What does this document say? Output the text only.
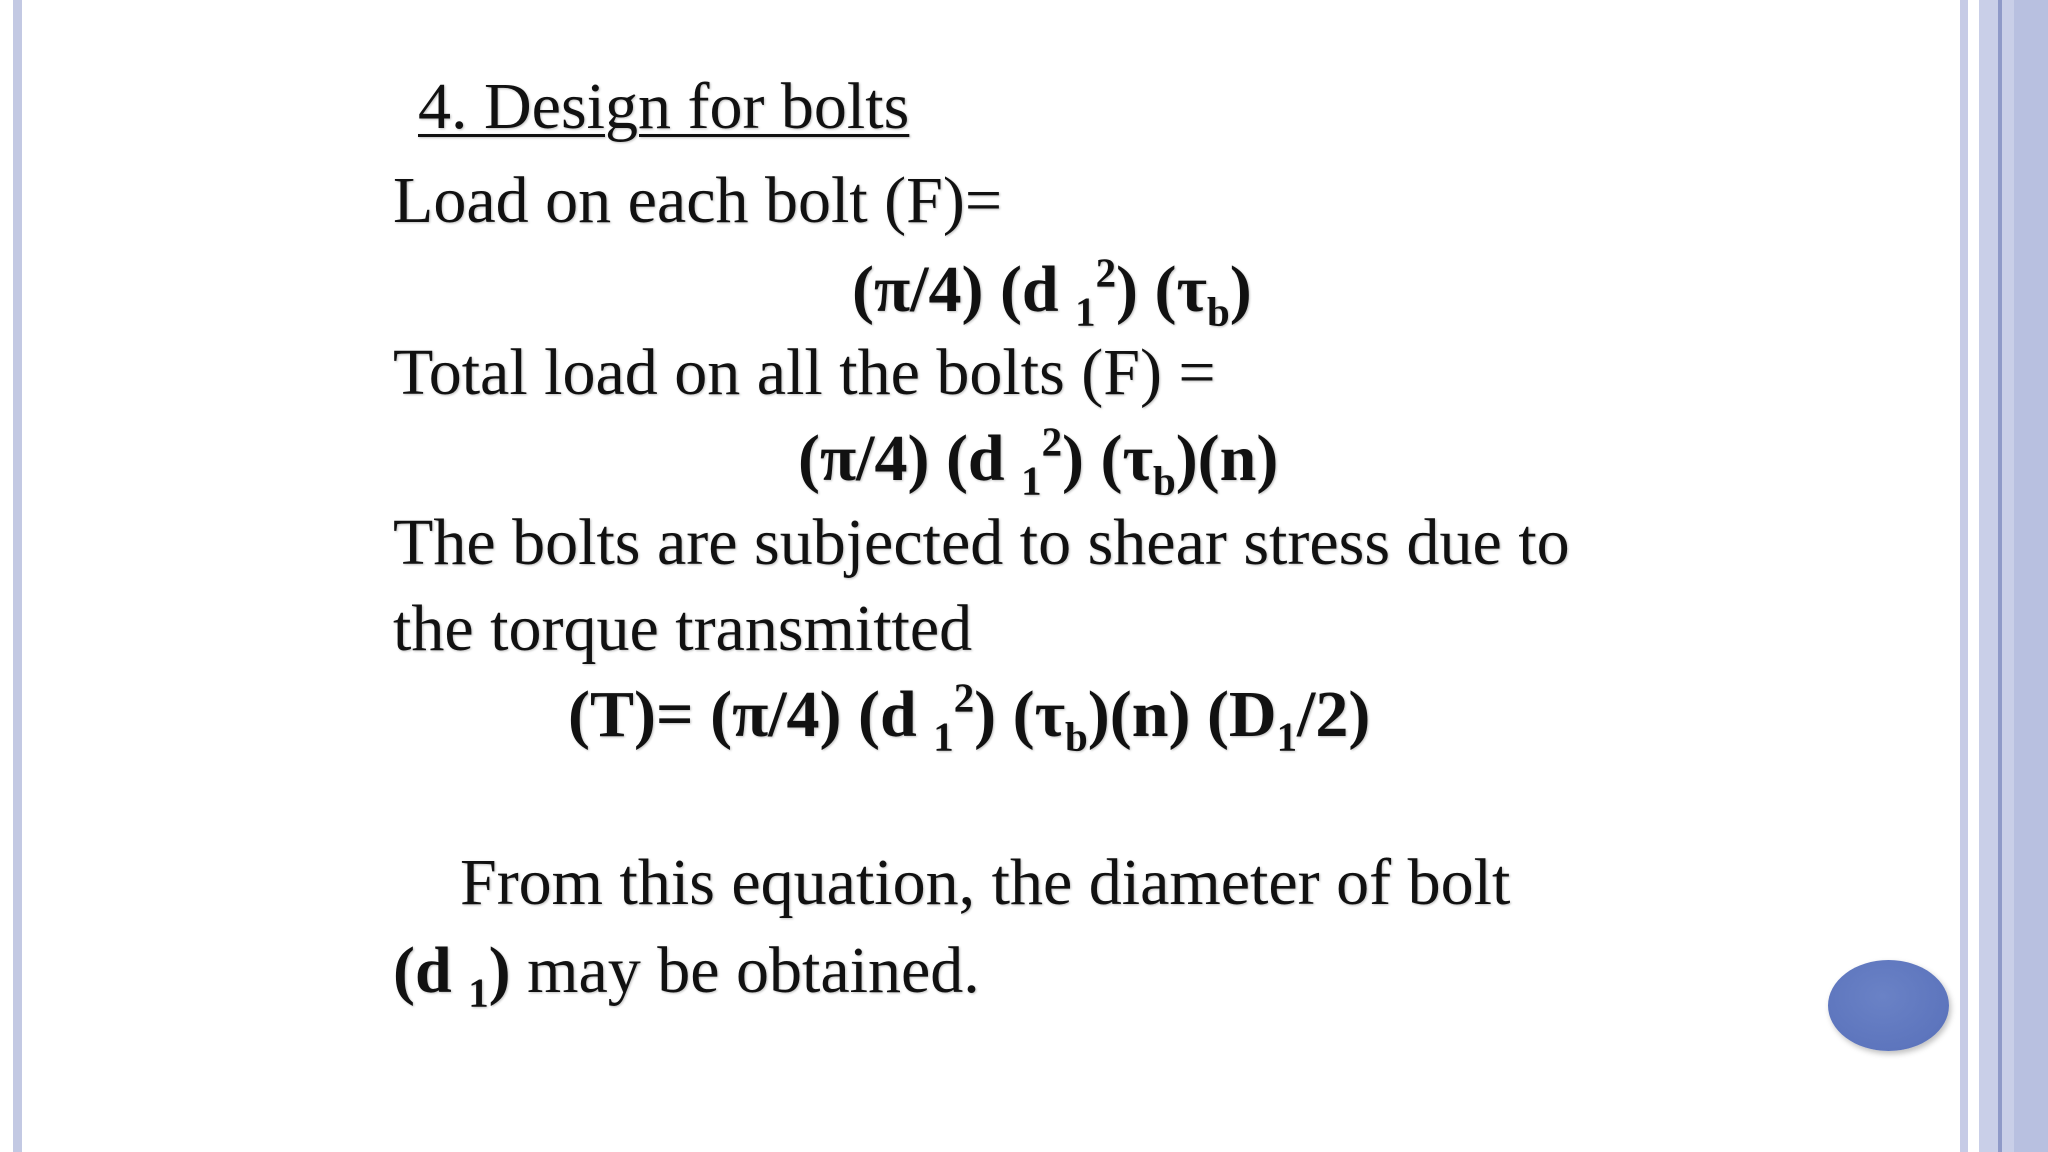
4. Design for bolts
Load on each bolt (F)=
(π/4) (d $_1^2$) $(\tau_b)$
Total load on all the bolts (F) =
(π/4) (d $_1^2$) $(\tau_b)(n)$
The bolts are subjected to shear stress due to
the torque transmitted
(T)= (π/4) (d $_1^2$) $(\tau_b)(n)$ $(D_1/2)$
From this equation, the diameter of bolt
(d $_1$) may be obtained.
